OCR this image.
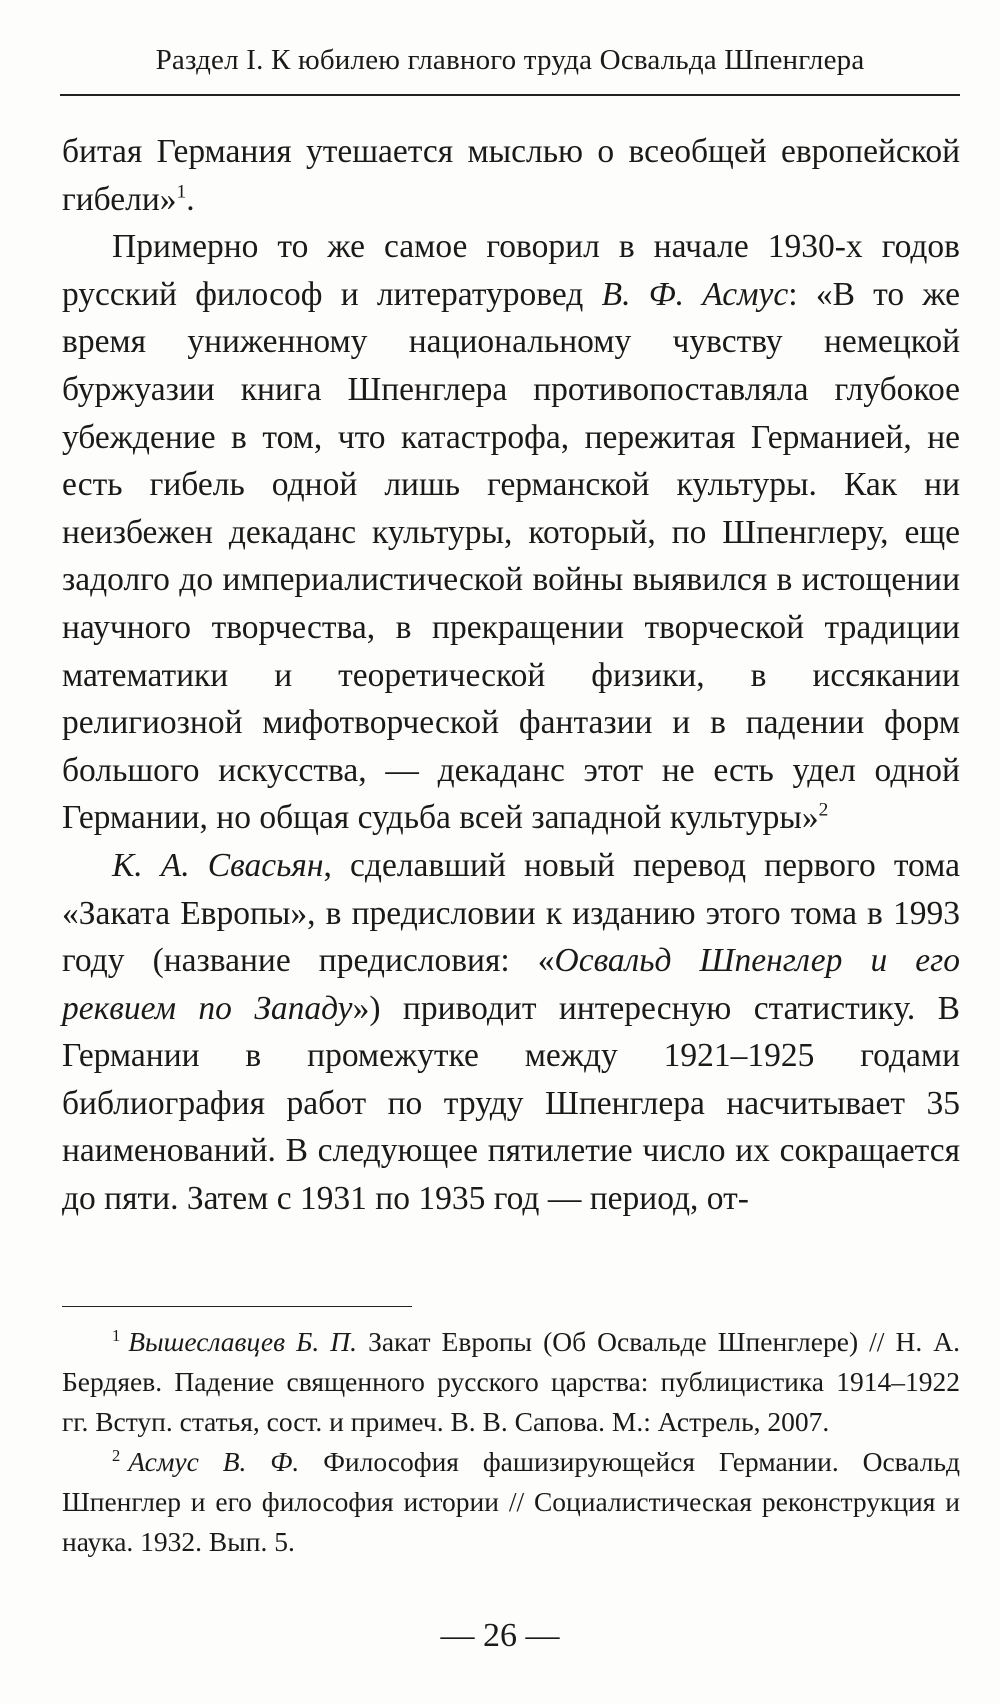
Раздел I. К юбилею главного труда Освальда Шпенглера

битая Германия утешается мыслью о всеобщей европейской гибели»$^1$.

Примерно то же самое говорил в начале 1930-х годов русский философ и литературовед В. Ф. Асмус: «В то же время униженному национальному чувству немецкой буржуазии книга Шпенглера противопоставляла глубокое убеждение в том, что катастрофа, пережитая Германией, не есть гибель одной лишь германской культуры. Как ни неизбежен декаданс культуры, который, по Шпенглеру, еще задолго до империалистической войны выявился в истощении научного творчества, в прекращении творческой традиции математики и теоретической физики, в иссякании религиозной мифотворческой фантазии и в падении форм большого искусства, — декаданс этот не есть удел одной Германии, но общая судьба всей западной культуры»$^2$

К. А. Свасьян, сделавший новый перевод первого тома «Заката Европы», в предисловии к изданию этого тома в 1993 году (название предисловия: «Освальд Шпенглер и его реквием по Западу») приводит интересную статистику. В Германии в промежутке между 1921–1925 годами библиография работ по труду Шпенглера насчитывает 35 наименований. В следующее пятилетие число их сокращается до пяти. Затем с 1931 по 1935 год — период, от-

$^1$ Вышеславцев Б. П. Закат Европы (Об Освальде Шпенглере) // Н. А. Бердяев. Падение священного русского царства: публицистика 1914–1922 гг. Вступ. статья, сост. и примеч. В. В. Сапова. М.: Астрель, 2007.

$^2$ Асмус В. Ф. Философия фашизирующейся Германии. Освальд Шпенглер и его философия истории // Социалистическая реконструкция и наука. 1932. Вып. 5.

— 26 —
